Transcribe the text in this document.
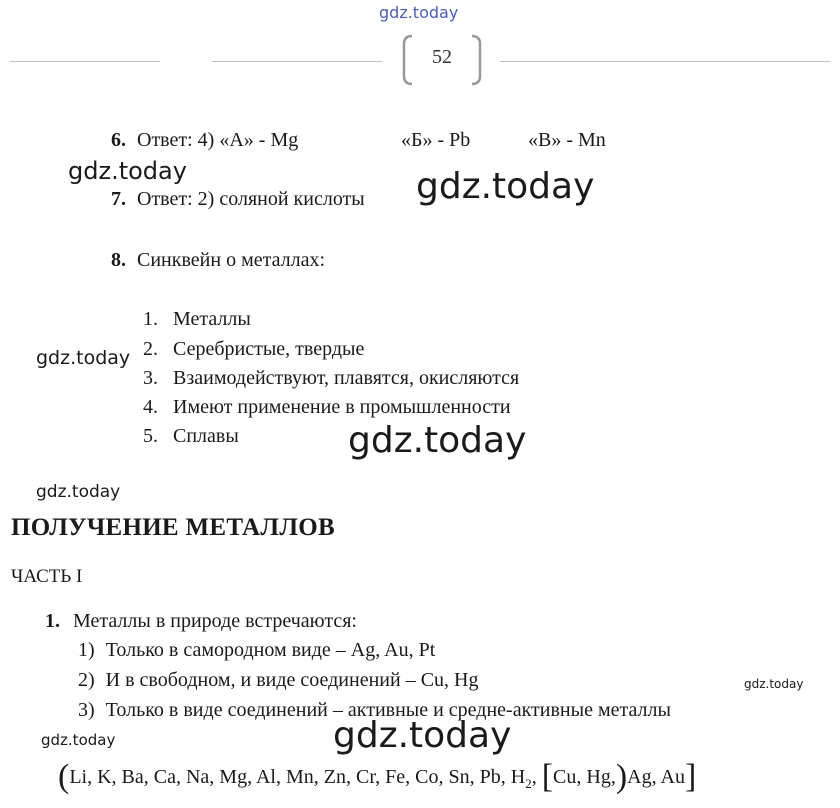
gdz.today
52
6. Ответ: 4) «А» - Mg	«Б» - Pb	«В» - Mn
gdz.today
7. Ответ: 2) соляной кислоты gdz.today
8. Синквейн о металлах:
1. Металлы
2. Серебристые, твердые
3. Взаимодействуют, плавятся, окисляются
4. Имеют применение в промышленности
5. Сплавы
gdz.today
gdz.today
gdz.today
ПОЛУЧЕНИЕ МЕТАЛЛОВ
ЧАСТЬ I
1. Металлы в природе встречаются:
1) Только в самородном виде – Ag, Au, Pt
2) И в свободном, и виде соединений – Cu, Hg
3) Только в виде соединений – активные и средне-активные металлы
gdz.today
gdz.today	gdz.today
(Li, K, Ba, Ca, Na, Mg, Al, Mn, Zn, Cr, Fe, Co, Sn, Pb, $H_2$, [Cu, Hg,)Ag, Au]
